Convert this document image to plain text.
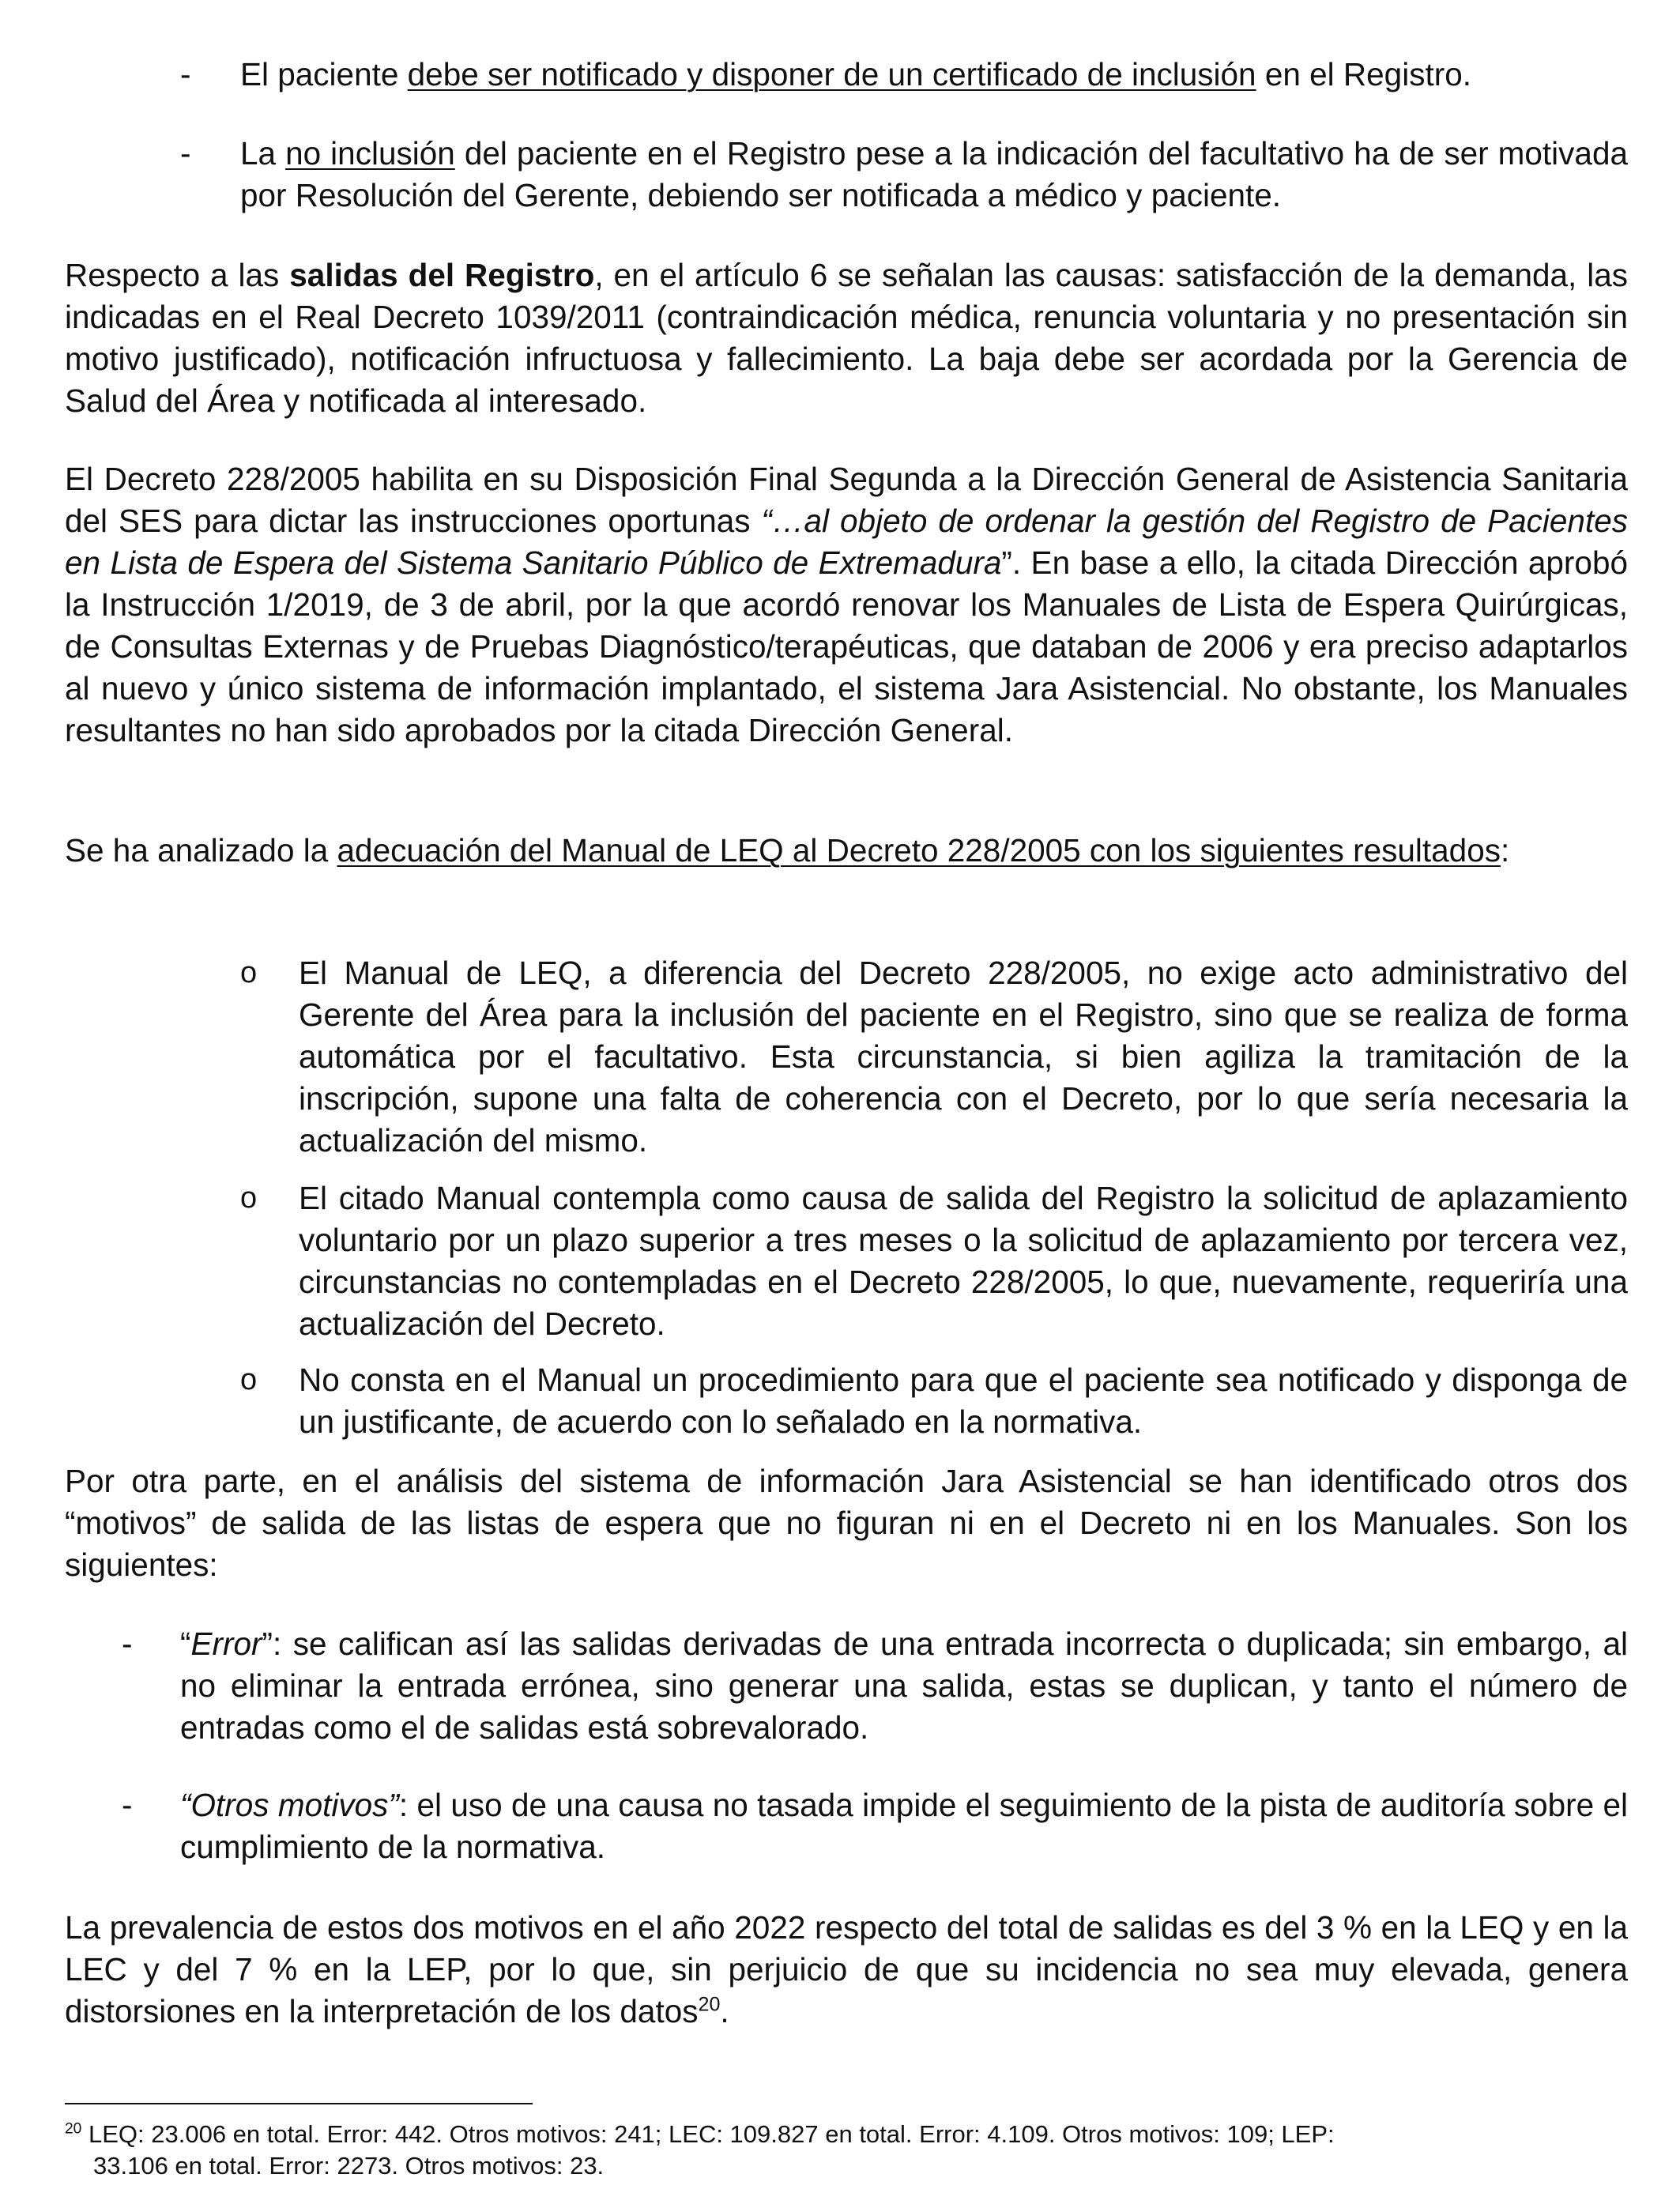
- El paciente debe ser notificado y disponer de un certificado de inclusión en el Registro.

- La no inclusión del paciente en el Registro pese a la indicación del facultativo ha de ser motivada por Resolución del Gerente, debiendo ser notificada a médico y paciente.

Respecto a las salidas del Registro, en el artículo 6 se señalan las causas: satisfacción de la demanda, las indicadas en el Real Decreto 1039/2011 (contraindicación médica, renuncia voluntaria y no presentación sin motivo justificado), notificación infructuosa y fallecimiento. La baja debe ser acordada por la Gerencia de Salud del Área y notificada al interesado.

El Decreto 228/2005 habilita en su Disposición Final Segunda a la Dirección General de Asistencia Sanitaria del SES para dictar las instrucciones oportunas “…al objeto de ordenar la gestión del Registro de Pacientes en Lista de Espera del Sistema Sanitario Público de Extremadura”. En base a ello, la citada Dirección aprobó la Instrucción 1/2019, de 3 de abril, por la que acordó renovar los Manuales de Lista de Espera Quirúrgicas, de Consultas Externas y de Pruebas Diagnóstico/terapéuticas, que databan de 2006 y era preciso adaptarlos al nuevo y único sistema de información implantado, el sistema Jara Asistencial. No obstante, los Manuales resultantes no han sido aprobados por la citada Dirección General.

Se ha analizado la adecuación del Manual de LEQ al Decreto 228/2005 con los siguientes resultados:

o El Manual de LEQ, a diferencia del Decreto 228/2005, no exige acto administrativo del Gerente del Área para la inclusión del paciente en el Registro, sino que se realiza de forma automática por el facultativo. Esta circunstancia, si bien agiliza la tramitación de la inscripción, supone una falta de coherencia con el Decreto, por lo que sería necesaria la actualización del mismo.

o El citado Manual contempla como causa de salida del Registro la solicitud de aplazamiento voluntario por un plazo superior a tres meses o la solicitud de aplazamiento por tercera vez, circunstancias no contempladas en el Decreto 228/2005, lo que, nuevamente, requeriría una actualización del Decreto.

o No consta en el Manual un procedimiento para que el paciente sea notificado y disponga de un justificante, de acuerdo con lo señalado en la normativa.

Por otra parte, en el análisis del sistema de información Jara Asistencial se han identificado otros dos “motivos” de salida de las listas de espera que no figuran ni en el Decreto ni en los Manuales. Son los siguientes:

- “Error”: se califican así las salidas derivadas de una entrada incorrecta o duplicada; sin embargo, al no eliminar la entrada errónea, sino generar una salida, estas se duplican, y tanto el número de entradas como el de salidas está sobrevalorado.

- “Otros motivos”: el uso de una causa no tasada impide el seguimiento de la pista de auditoría sobre el cumplimiento de la normativa.

La prevalencia de estos dos motivos en el año 2022 respecto del total de salidas es del 3 % en la LEQ y en la LEC y del 7 % en la LEP, por lo que, sin perjuicio de que su incidencia no sea muy elevada, genera distorsiones en la interpretación de los datos$^{20}$.

$^{20}$ LEQ: 23.006 en total. Error: 442. Otros motivos: 241; LEC: 109.827 en total. Error: 4.109. Otros motivos: 109; LEP:
33.106 en total. Error: 2273. Otros motivos: 23.
